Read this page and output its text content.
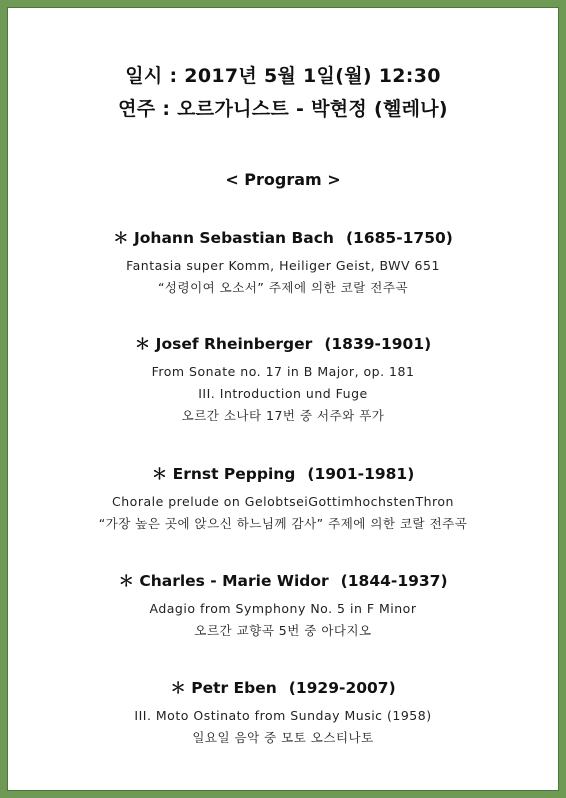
일시 : 2017년 5월 1일(월) 12:30
연주 : 오르가니스트 - 박현정 (헬레나)
< Program >
＊ Johann Sebastian Bach (1685-1750)
Fantasia super Komm, Heiliger Geist, BWV 651
“성령이여 오소서” 주제에 의한 코랄 전주곡
＊ Josef Rheinberger (1839-1901)
From Sonate no. 17 in B Major, op. 181
III. Introduction und Fuge
오르간 소나타 17번 중 서주와 푸가
＊ Ernst Pepping (1901-1981)
Chorale prelude on GelobtseiGottimhochstenThron
“가장 높은 곳에 앉으신 하느님께 감사” 주제에 의한 코랄 전주곡
＊ Charles - Marie Widor (1844-1937)
Adagio from Symphony No. 5 in F Minor
오르간 교향곡 5번 중 아다지오
＊ Petr Eben (1929-2007)
III. Moto Ostinato from Sunday Music (1958)
일요일 음악 중 모토 오스티나토
